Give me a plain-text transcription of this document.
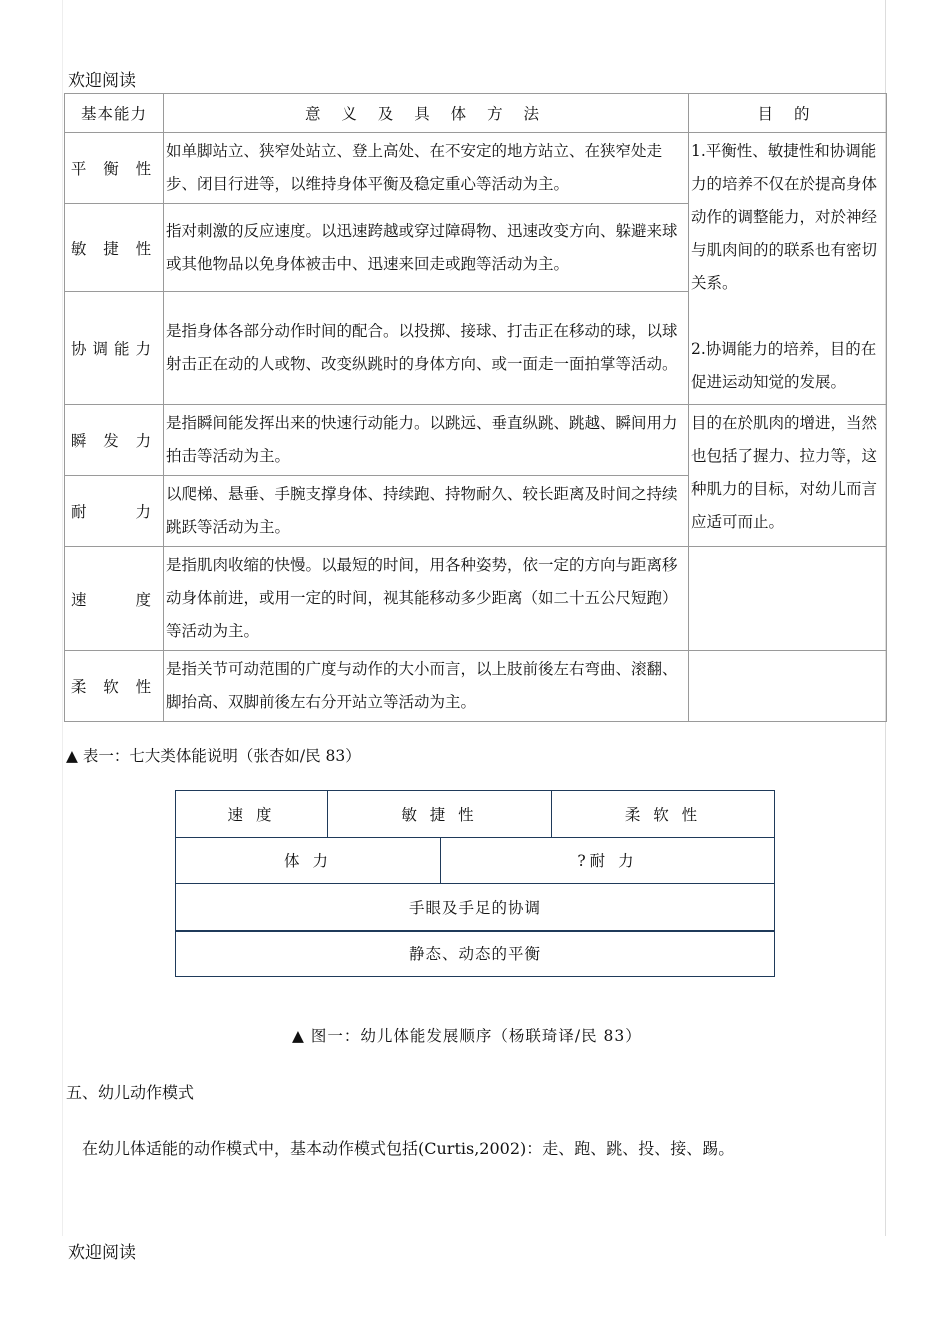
欢迎阅读
基本能力	意 义 及 具 体 方 法	目 的
平 衡 性	如单脚站立、狭窄处站立、登上高处、在不安定的地方站立、在狭窄处走步、闭目行进等，以维持身体平衡及稳定重心等活动为主。	1.平衡性、敏捷性和协调能力的培养不仅在於提高身体动作的调整能力，对於神经与肌肉间的的联系也有密切关系。
2.协调能力的培养，目的在促进运动知觉的发展。

敏 捷 性	指对刺激的反应速度。以迅速跨越或穿过障碍物、迅速改变方向、躲避来球或其他物品以免身体被击中、迅速来回走或跑等活动为主。	
协调能力	是指身体各部分动作时间的配合。以投掷、接球、打击正在移动的球，以球射击正在动的人或物、改变纵跳时的身体方向、或一面走一面拍掌等活动。	
瞬 发 力	是指瞬间能发挥出来的快速行动能力。以跳远、垂直纵跳、跳越、瞬间用力拍击等活动为主。	目的在於肌肉的增进，当然也包括了握力、拉力等，这种肌力的目标，对幼儿而言应适可而止。
耐　　力	以爬梯、悬垂、手腕支撑身体、持续跑、持物耐久、较长距离及时间之持续跳跃等活动为主。	
速　　度	是指肌肉收缩的快慢。以最短的时间，用各种姿势，依一定的方向与距离移动身体前进，或用一定的时间，视其能移动多少距离（如二十五公尺短跑）等活动为主。	
柔 软 性	是指关节可动范围的广度与动作的大小而言，以上肢前後左右弯曲、滚翻、脚抬高、双脚前後左右分开站立等活动为主。	
▲ 表一：七大类体能说明（张杏如/民 83）
速 度	敏 捷 性	柔 软 性
体 力	?耐 力
手眼及手足的协调
静态、动态的平衡
▲ 图一：幼儿体能发展顺序（杨联琦译/民 83）
五、幼儿动作模式
在幼儿体适能的动作模式中，基本动作模式包括(Curtis,2002)：走、跑、跳、投、接、踢。
欢迎阅读
